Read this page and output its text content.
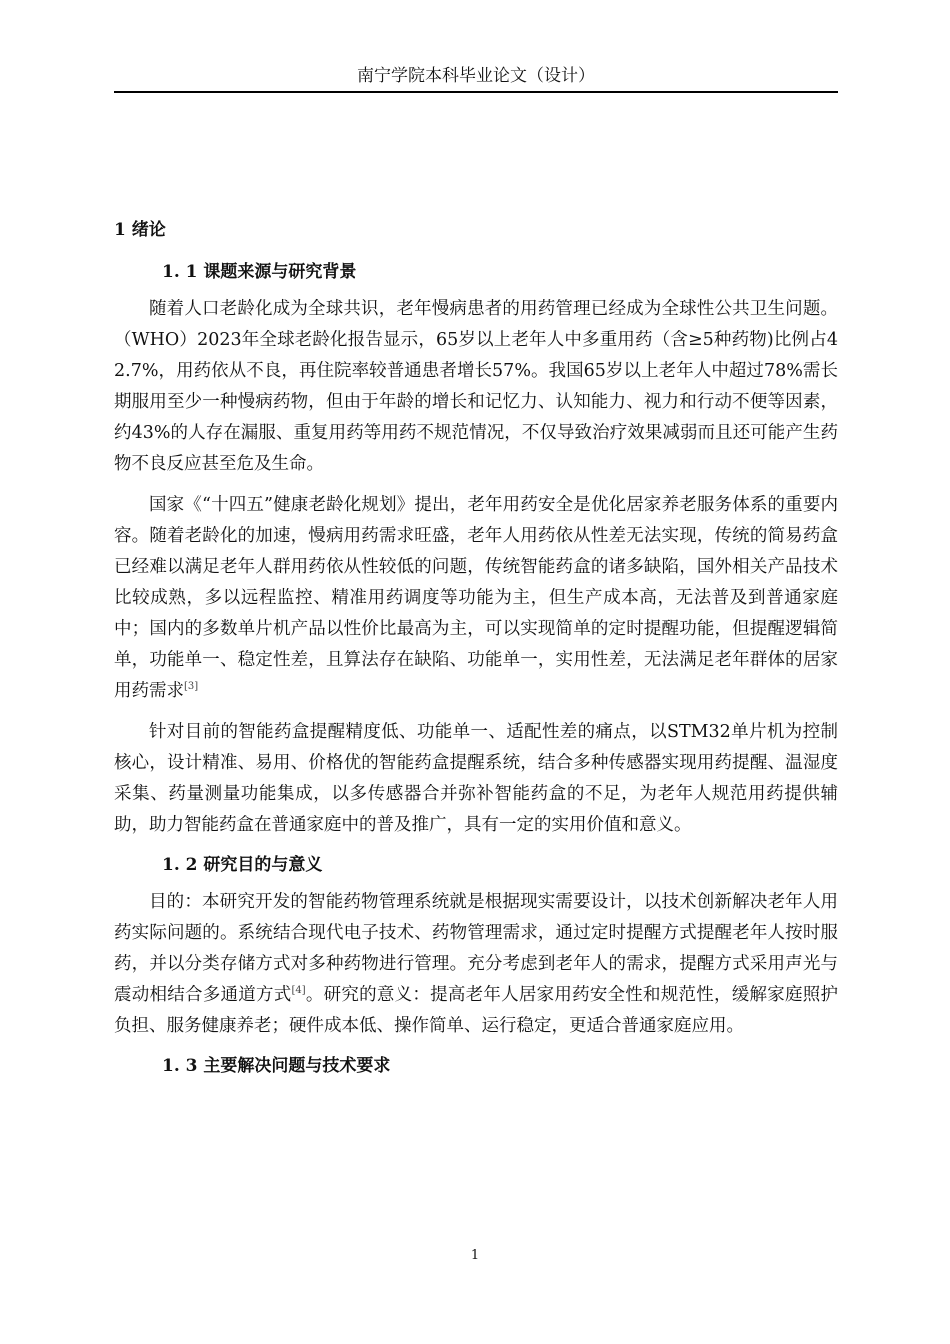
南宁学院本科毕业论文（设计）
1 绪论
1. 1 课题来源与研究背景

随着人口老龄化成为全球共识，老年慢病患者的用药管理已经成为全球性公共卫生问题。（WHO）2023年全球老龄化报告显示，65岁以上老年人中多重用药（含≥5种药物)比例占42.7%，用药依从不良，再住院率较普通患者增长57%。我国65岁以上老年人中超过78%需长期服用至少一种慢病药物，但由于年龄的增长和记忆力、认知能力、视力和行动不便等因素，约43%的人存在漏服、重复用药等用药不规范情况，不仅导致治疗效果减弱而且还可能产生药物不良反应甚至危及生命。

国家《“十四五”健康老龄化规划》提出，老年用药安全是优化居家养老服务体系的重要内容。随着老龄化的加速，慢病用药需求旺盛，老年人用药依从性差无法实现，传统的简易药盒已经难以满足老年人群用药依从性较低的问题，传统智能药盒的诸多缺陷，国外相关产品技术比较成熟，多以远程监控、精准用药调度等功能为主，但生产成本高，无法普及到普通家庭中；国内的多数单片机产品以性价比最高为主，可以实现简单的定时提醒功能，但提醒逻辑简单，功能单一、稳定性差，且算法存在缺陷、功能单一，实用性差，无法满足老年群体的居家用药需求[3]

针对目前的智能药盒提醒精度低、功能单一、适配性差的痛点，以STM32单片机为控制核心，设计精准、易用、价格优的智能药盒提醒系统，结合多种传感器实现用药提醒、温湿度采集、药量测量功能集成，以多传感器合并弥补智能药盒的不足，为老年人规范用药提供辅助，助力智能药盒在普通家庭中的普及推广，具有一定的实用价值和意义。

1. 2 研究目的与意义

目的：本研究开发的智能药物管理系统就是根据现实需要设计，以技术创新解决老年人用药实际问题的。系统结合现代电子技术、药物管理需求，通过定时提醒方式提醒老年人按时服药，并以分类存储方式对多种药物进行管理。充分考虑到老年人的需求，提醒方式采用声光与震动相结合多通道方式[4]。研究的意义：提高老年人居家用药安全性和规范性，缓解家庭照护负担、服务健康养老；硬件成本低、操作简单、运行稳定，更适合普通家庭应用。

1. 3 主要解决问题与技术要求
1
